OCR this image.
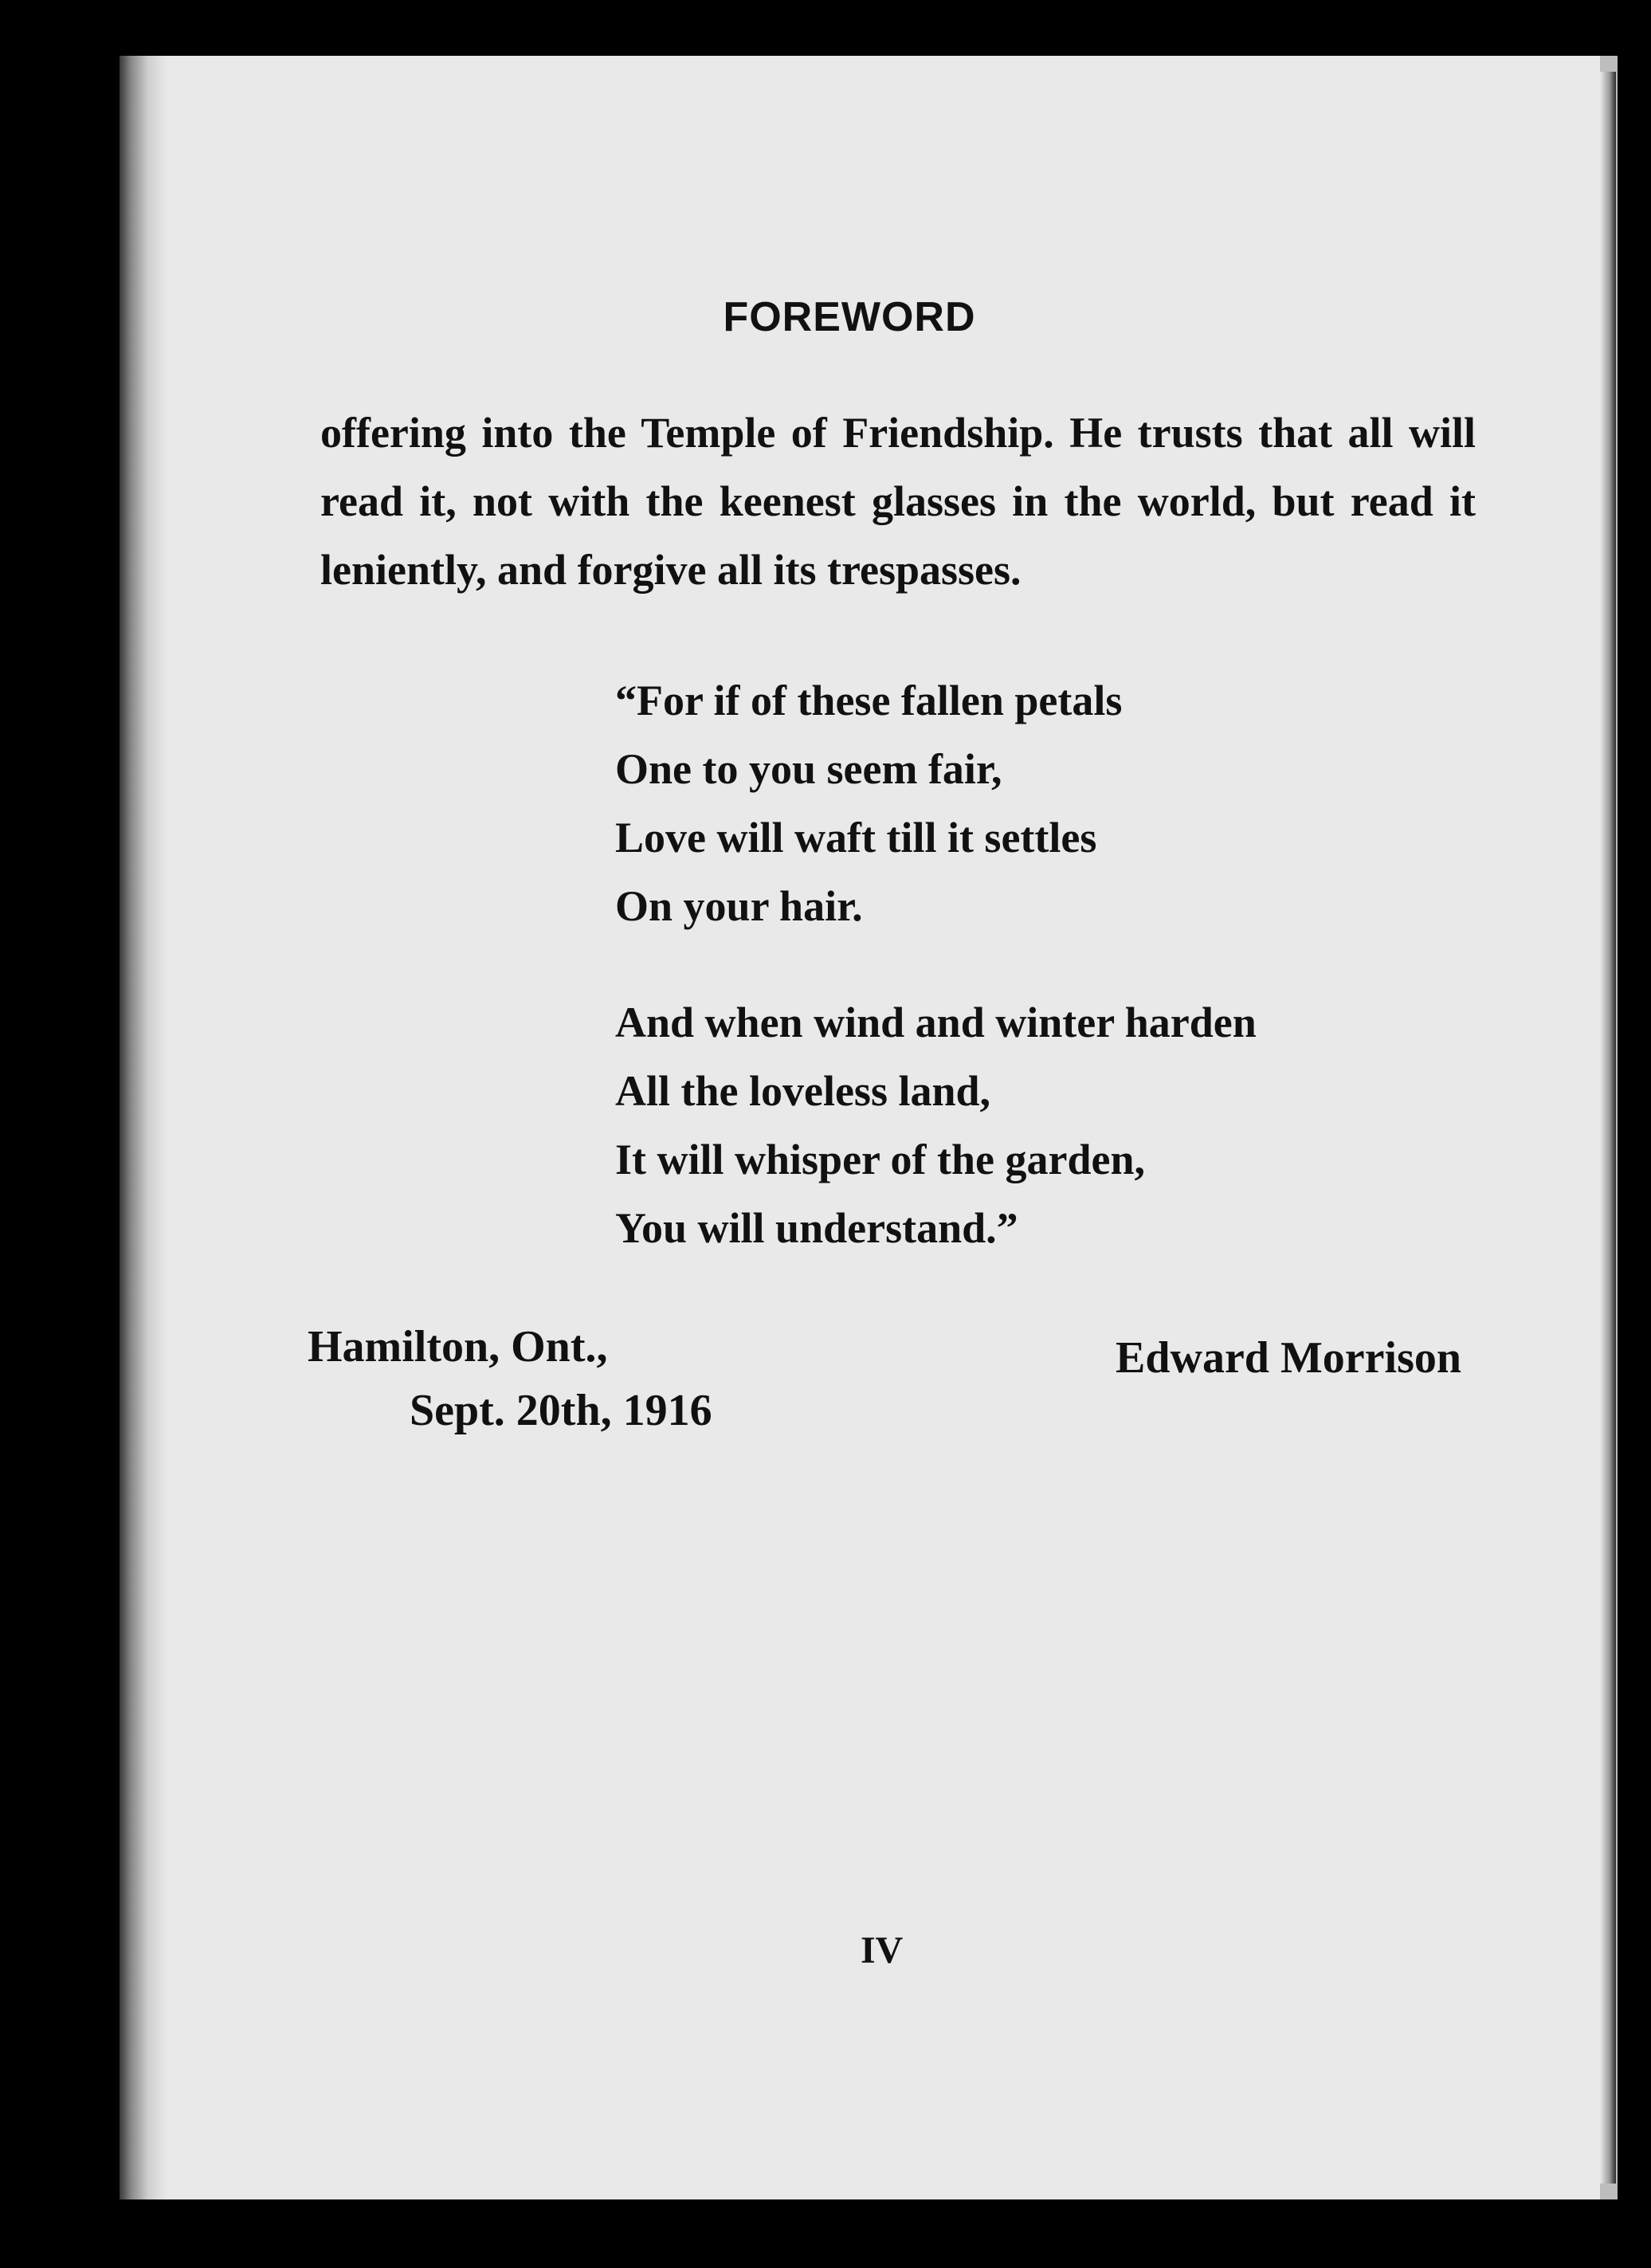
FOREWORD
offering into the Temple of Friendship. He trusts that all will
read it, not with the keenest glasses in the world, but read it
leniently, and forgive all its trespasses.
“For if of these fallen petals
One to you seem fair,
Love will waft till it settles
On your hair.
And when wind and winter harden
All the loveless land,
It will whisper of the garden,
You will understand.”
Hamilton, Ont.,
Sept. 20th, 1916
Edward Morrison
IV
